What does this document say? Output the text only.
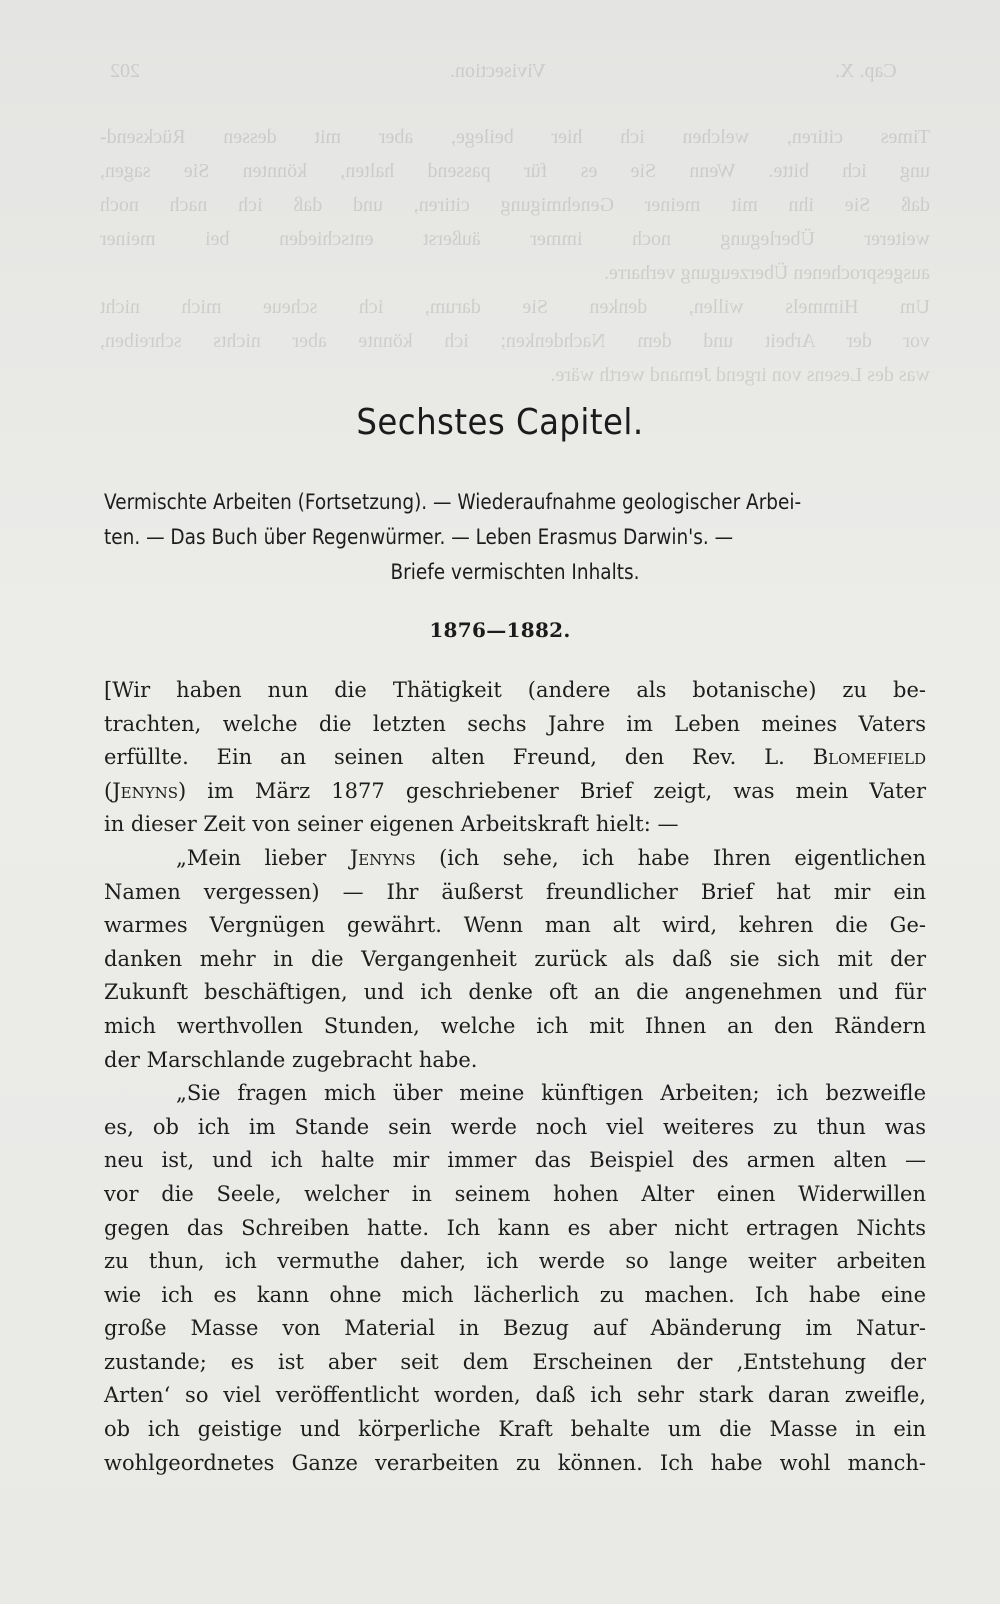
202	Vivisection.	Cap. X.

Times citiren, welchen ich hier beilege, aber mit dessen Rücksend-

ung ich bitte. Wenn Sie es für passend halten, könnten Sie sagen,

daß Sie ihn mit meiner Genehmigung citiren, und daß ich nach noch

weiterer Überlegung noch immer äußerst entschieden bei meiner

ausgesprochenen Überzeugung verharre.

Um Himmels willen, denken Sie darum, ich scheue mich nicht

vor der Arbeit und dem Nachdenken; ich könnte aber nichts schreiben,

was des Lesens von irgend Jemand werth wäre.

Sechstes Capitel.
Vermischte Arbeiten (Fortsetzung). — Wiederaufnahme geologischer Arbei-
ten. — Das Buch über Regenwürmer. — Leben Erasmus Darwin's. —
Briefe vermischten Inhalts.

1876—1882.

[Wir haben nun die Thätigkeit (andere als botanische) zu be-
trachten, welche die letzten sechs Jahre im Leben meines Vaters
erfüllte. Ein an seinen alten Freund, den Rev. L. Blomefield
(Jenyns) im März 1877 geschriebener Brief zeigt, was mein Vater
in dieser Zeit von seiner eigenen Arbeitskraft hielt: —
„Mein lieber Jenyns (ich sehe, ich habe Ihren eigentlichen
Namen vergessen) — Ihr äußerst freundlicher Brief hat mir ein
warmes Vergnügen gewährt. Wenn man alt wird, kehren die Ge-
danken mehr in die Vergangenheit zurück als daß sie sich mit der
Zukunft beschäftigen, und ich denke oft an die angenehmen und für
mich werthvollen Stunden, welche ich mit Ihnen an den Rändern
der Marschlande zugebracht habe.
„Sie fragen mich über meine künftigen Arbeiten; ich bezweifle
es, ob ich im Stande sein werde noch viel weiteres zu thun was
neu ist, und ich halte mir immer das Beispiel des armen alten —
vor die Seele, welcher in seinem hohen Alter einen Widerwillen
gegen das Schreiben hatte. Ich kann es aber nicht ertragen Nichts
zu thun, ich vermuthe daher, ich werde so lange weiter arbeiten
wie ich es kann ohne mich lächerlich zu machen. Ich habe eine
große Masse von Material in Bezug auf Abänderung im Natur-
zustande; es ist aber seit dem Erscheinen der ‚Entstehung der
Arten‘ so viel veröffentlicht worden, daß ich sehr stark daran zweifle,
ob ich geistige und körperliche Kraft behalte um die Masse in ein
wohlgeordnetes Ganze verarbeiten zu können. Ich habe wohl manch-
